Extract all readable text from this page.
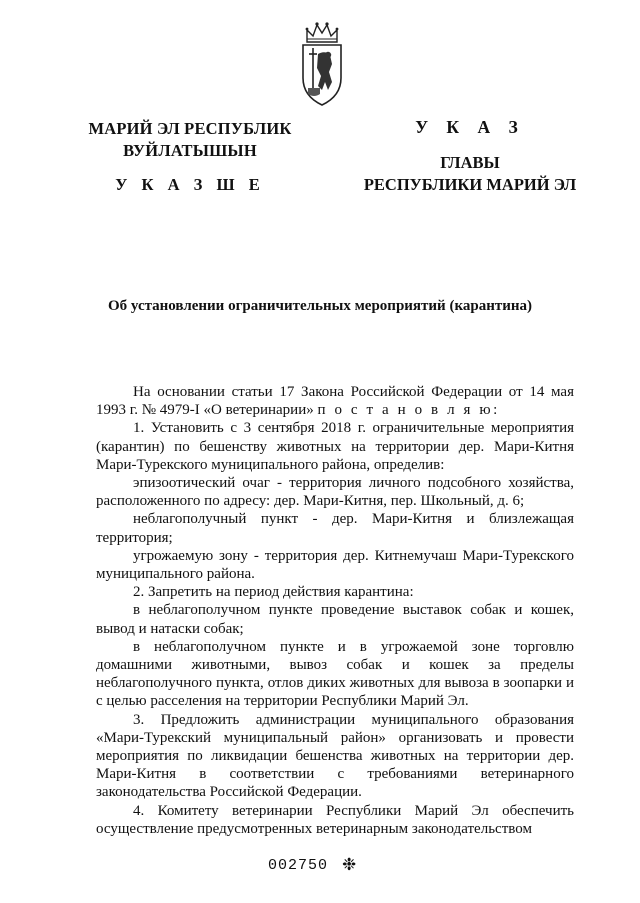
МАРИЙ ЭЛ РЕСПУБЛИК
ВУЙЛАТЫШЫН
У К А З Ш Е
У К А З
ГЛАВЫ
РЕСПУБЛИКИ МАРИЙ ЭЛ
Об установлении ограничительных мероприятий (карантина)

На основании статьи 17 Закона Российской Федерации от 14 мая 1993 г. № 4979-I «О ветеринарии» п о с т а н о в л я ю:

1. Установить с 3 сентября 2018 г. ограничительные мероприятия (карантин) по бешенству животных на территории дер. Мари-Китня Мари-Турекского муниципального района, определив:

эпизоотический очаг - территория личного подсобного хозяйства, расположенного по адресу: дер. Мари-Китня, пер. Школьный, д. 6;

неблагополучный пункт - дер. Мари-Китня и близлежащая территория;

угрожаемую зону - территория дер. Китнемучаш Мари-Турекского муниципального района.

2. Запретить на период действия карантина:

в неблагополучном пункте проведение выставок собак и кошек, вывод и натаски собак;

в неблагополучном пункте и в угрожаемой зоне торговлю домашними животными, вывоз собак и кошек за пределы неблагополучного пункта, отлов диких животных для вывоза в зоопарки и с целью расселения на территории Республики Марий Эл.

3. Предложить администрации муниципального образования «Мари-Турекский муниципальный район» организовать и провести мероприятия по ликвидации бешенства животных на территории дер. Мари-Китня в соответствии с требованиями ветеринарного законодательства Российской Федерации.

4. Комитету ветеринарии Республики Марий Эл обеспечить осуществление предусмотренных ветеринарным законодательством

002750 ❉
